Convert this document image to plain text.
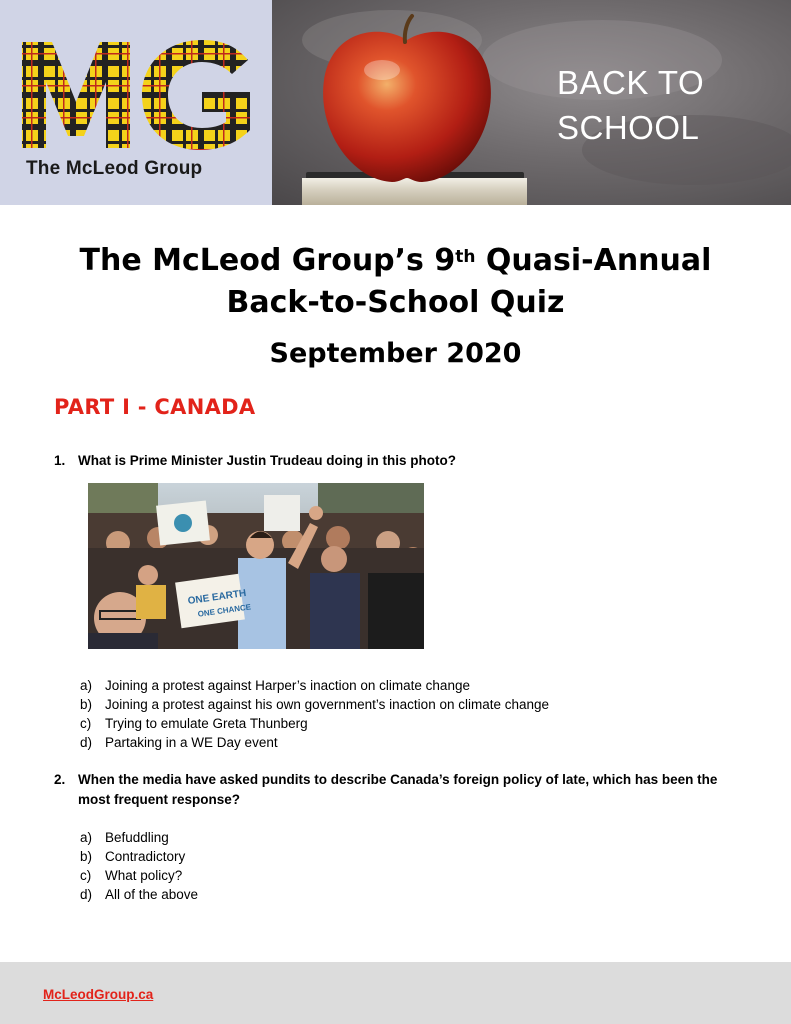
The McLeod Group
BACK TO
SCHOOL
The McLeod Group’s 9th Quasi-Annual
Back-to-School Quiz
September 2020
PART I - CANADA
1. What is Prime Minister Justin Trudeau doing in this photo?
ONE EARTH
ONE CHANCE
a) Joining a protest against Harper’s inaction on climate change
b) Joining a protest against his own government’s inaction on climate change
c) Trying to emulate Greta Thunberg
d) Partaking in a WE Day event
2. When the media have asked pundits to describe Canada’s foreign policy of late, which has been the most frequent response?
a) Befuddling
b) Contradictory
c) What policy?
d) All of the above
McLeodGroup.ca
